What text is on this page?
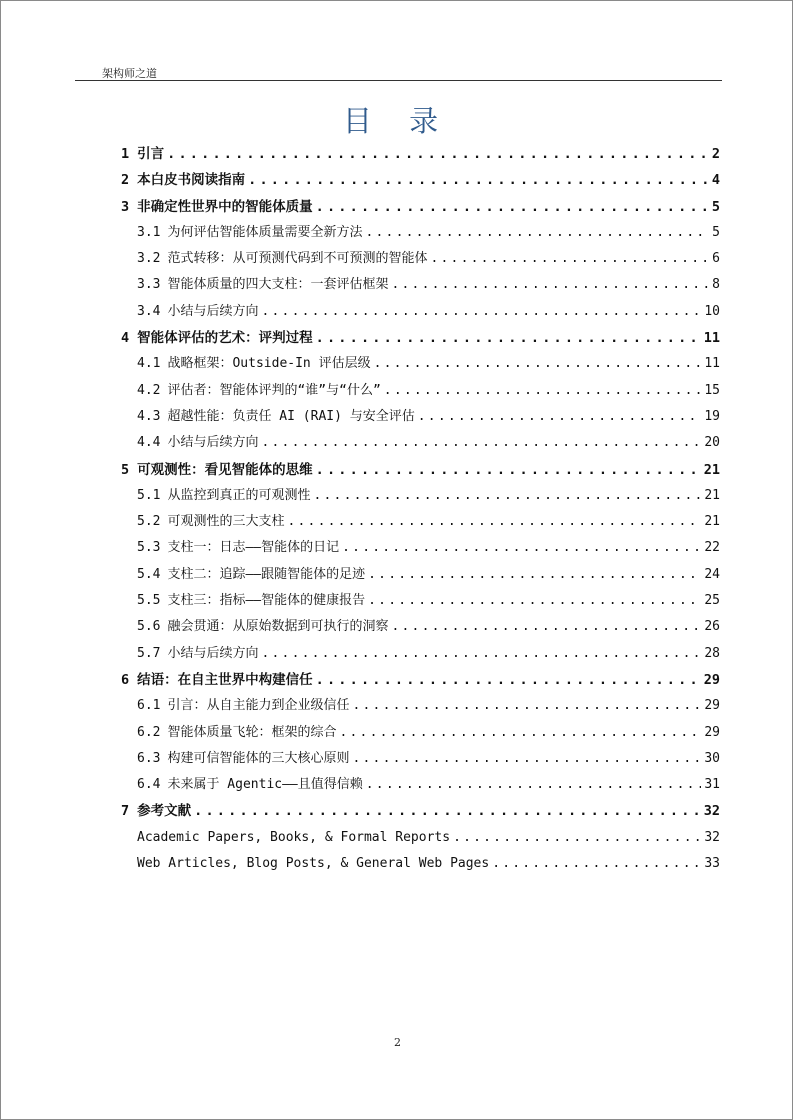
架构师之道
目 录
1 引言 .....	2
2 本白皮书阅读指南 .....	4
3 非确定性世界中的智能体质量 .....	5
3.1 为何评估智能体质量需要全新方法 .....	5
3.2 范式转移：从可预测代码到不可预测的智能体 .....	6
3.3 智能体质量的四大支柱：一套评估框架 .....	8
3.4 小结与后续方向 .....	10
4 智能体评估的艺术：评判过程 .....	11
4.1 战略框架：Outside-In 评估层级 .....	11
4.2 评估者：智能体评判的“谁”与“什么” .....	15
4.3 超越性能：负责任 AI (RAI) 与安全评估 .....	19
4.4 小结与后续方向 .....	20
5 可观测性：看见智能体的思维 .....	21
5.1 从监控到真正的可观测性 .....	21
5.2 可观测性的三大支柱 .....	21
5.3 支柱一：日志——智能体的日记 .....	22
5.4 支柱二：追踪——跟随智能体的足迹 .....	24
5.5 支柱三：指标——智能体的健康报告 .....	25
5.6 融会贯通：从原始数据到可执行的洞察 .....	26
5.7 小结与后续方向 .....	28
6 结语：在自主世界中构建信任 .....	29
6.1 引言：从自主能力到企业级信任 .....	29
6.2 智能体质量飞轮：框架的综合 .....	29
6.3 构建可信智能体的三大核心原则 .....	30
6.4 未来属于 Agentic——且值得信赖 .....	31
7 参考文献 .....	32
Academic Papers, Books, & Formal Reports .....	32
Web Articles, Blog Posts, & General Web Pages .....	33
2
